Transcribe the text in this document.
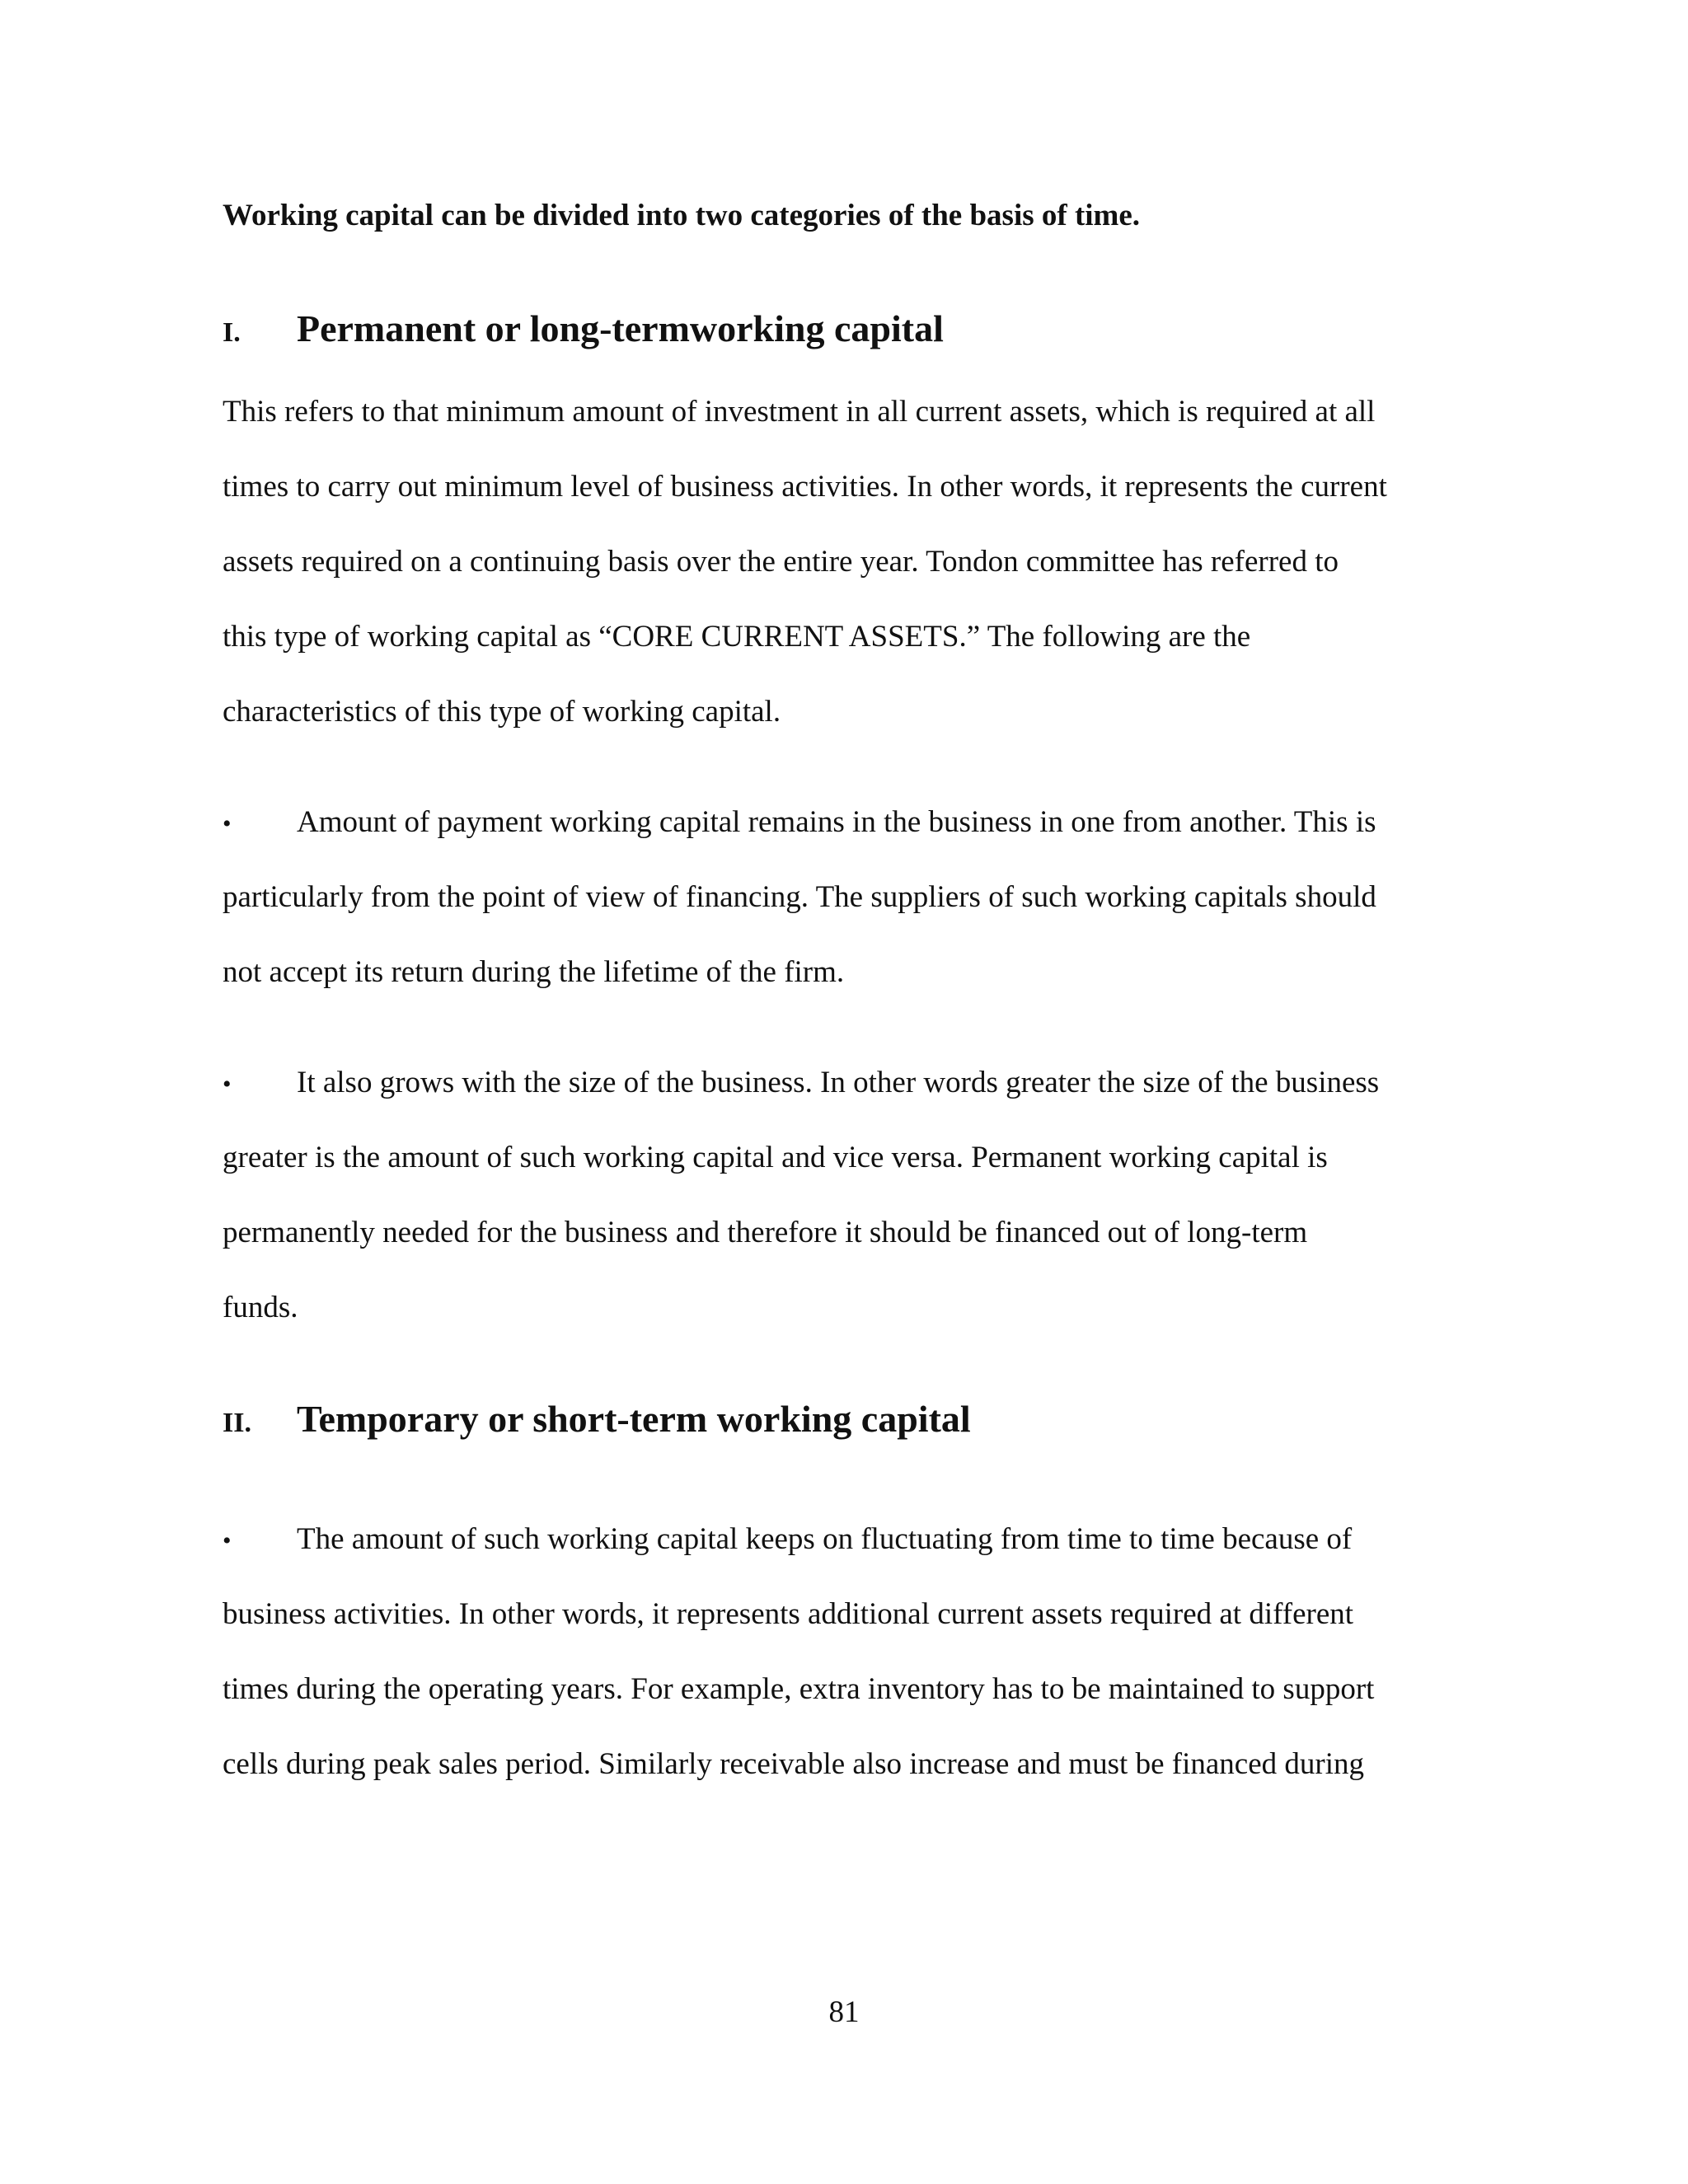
Working capital can be divided into two categories of the basis of time.
I. Permanent or long-termworking capital
This refers to that minimum amount of investment in all current assets, which is required at all
times to carry out minimum level of business activities. In other words, it represents the current
assets required on a continuing basis over the entire year. Tondon committee has referred to
this type of working capital as “CORE CURRENT ASSETS.” The following are the
characteristics of this type of working capital.
• Amount of payment working capital remains in the business in one from another. This is
particularly from the point of view of financing. The suppliers of such working capitals should
not accept its return during the lifetime of the firm.
• It also grows with the size of the business. In other words greater the size of the business
greater is the amount of such working capital and vice versa. Permanent working capital is
permanently needed for the business and therefore it should be financed out of long-term
funds.
II. Temporary or short-term working capital
• The amount of such working capital keeps on fluctuating from time to time because of
business activities. In other words, it represents additional current assets required at different
times during the operating years. For example, extra inventory has to be maintained to support
cells during peak sales period. Similarly receivable also increase and must be financed during
81
